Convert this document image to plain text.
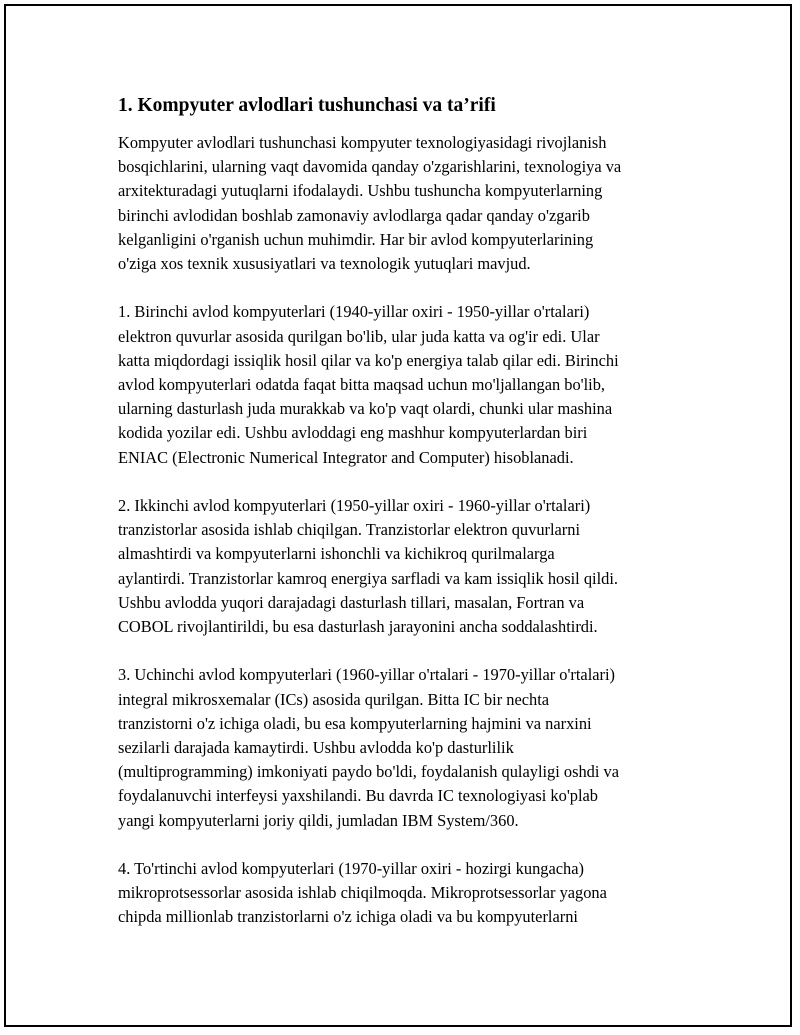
1. Kompyuter avlodlari tushunchasi va ta’rifi

Kompyuter avlodlari tushunchasi kompyuter texnologiyasidagi rivojlanish
bosqichlarini, ularning vaqt davomida qanday o'zgarishlarini, texnologiya va
arxitekturadagi yutuqlarni ifodalaydi. Ushbu tushuncha kompyuterlarning
birinchi avlodidan boshlab zamonaviy avlodlarga qadar qanday o'zgarib
kelganligini o'rganish uchun muhimdir. Har bir avlod kompyuterlarining
o'ziga xos texnik xususiyatlari va texnologik yutuqlari mavjud.

1. Birinchi avlod kompyuterlari (1940-yillar oxiri - 1950-yillar o'rtalari)
elektron quvurlar asosida qurilgan bo'lib, ular juda katta va og'ir edi. Ular
katta miqdordagi issiqlik hosil qilar va ko'p energiya talab qilar edi. Birinchi
avlod kompyuterlari odatda faqat bitta maqsad uchun mo'ljallangan bo'lib,
ularning dasturlash juda murakkab va ko'p vaqt olardi, chunki ular mashina
kodida yozilar edi. Ushbu avloddagi eng mashhur kompyuterlardan biri
ENIAC (Electronic Numerical Integrator and Computer) hisoblanadi.

2. Ikkinchi avlod kompyuterlari (1950-yillar oxiri - 1960-yillar o'rtalari)
tranzistorlar asosida ishlab chiqilgan. Tranzistorlar elektron quvurlarni
almashtirdi va kompyuterlarni ishonchli va kichikroq qurilmalarga
aylantirdi. Tranzistorlar kamroq energiya sarfladi va kam issiqlik hosil qildi.
Ushbu avlodda yuqori darajadagi dasturlash tillari, masalan, Fortran va
COBOL rivojlantirildi, bu esa dasturlash jarayonini ancha soddalashtirdi.

3. Uchinchi avlod kompyuterlari (1960-yillar o'rtalari - 1970-yillar o'rtalari)
integral mikrosxemalar (ICs) asosida qurilgan. Bitta IC bir nechta
tranzistorni o'z ichiga oladi, bu esa kompyuterlarning hajmini va narxini
sezilarli darajada kamaytirdi. Ushbu avlodda ko'p dasturlilik
(multiprogramming) imkoniyati paydo bo'ldi, foydalanish qulayligi oshdi va
foydalanuvchi interfeysi yaxshilandi. Bu davrda IC texnologiyasi ko'plab
yangi kompyuterlarni joriy qildi, jumladan IBM System/360.

4. To'rtinchi avlod kompyuterlari (1970-yillar oxiri - hozirgi kungacha)
mikroprotsessorlar asosida ishlab chiqilmoqda. Mikroprotsessorlar yagona
chipda millionlab tranzistorlarni o'z ichiga oladi va bu kompyuterlarni
